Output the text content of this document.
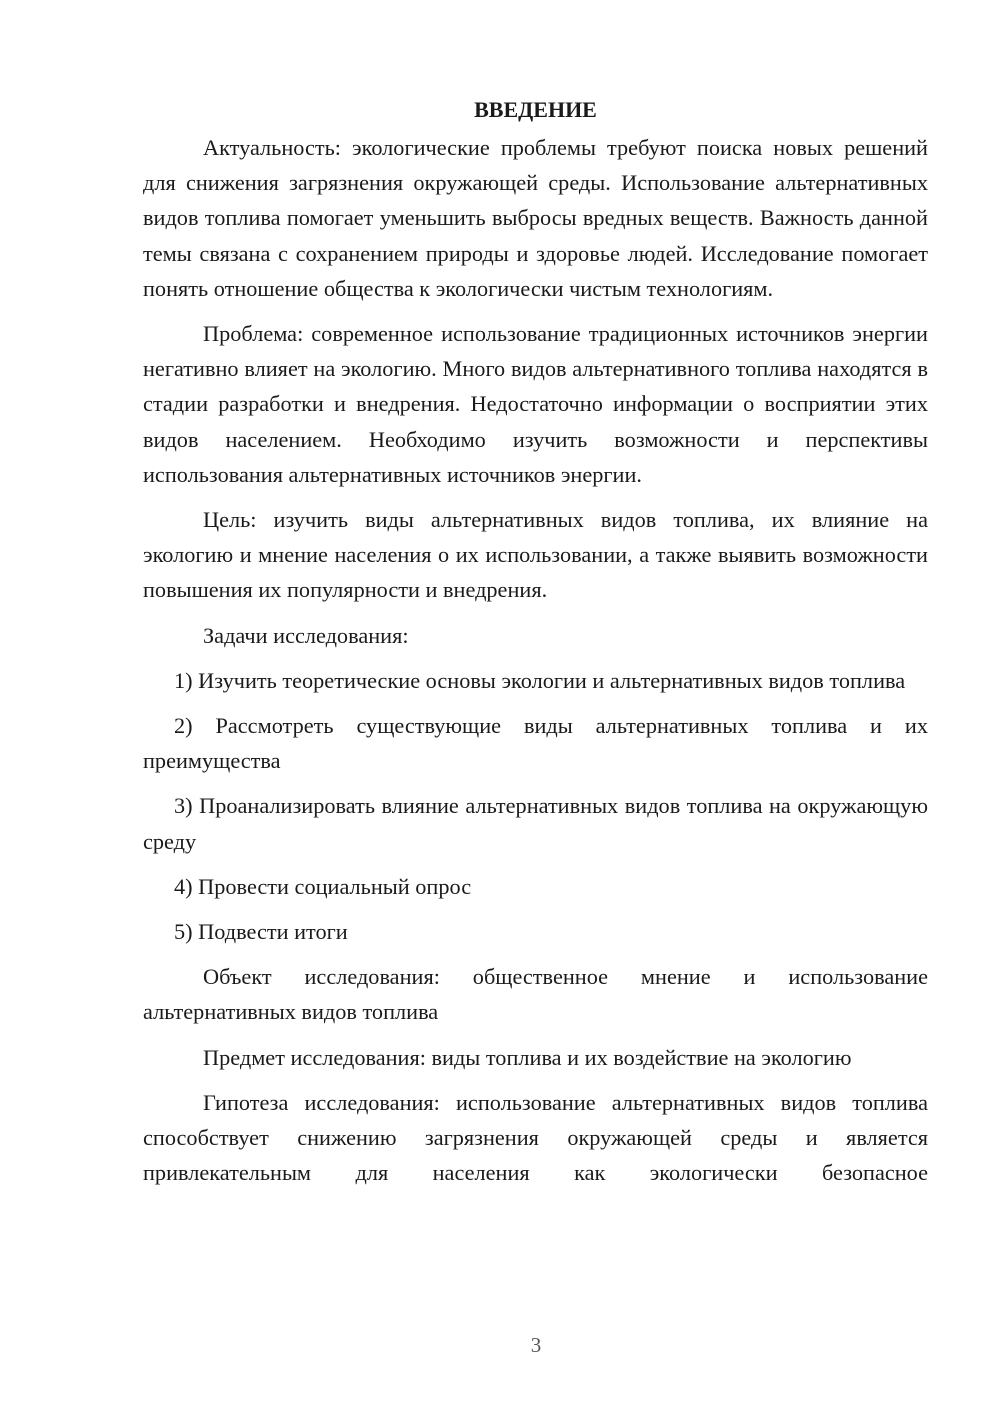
ВВЕДЕНИЕ

Актуальность: экологические проблемы требуют поиска новых решений для снижения загрязнения окружающей среды. Использование альтернативных видов топлива помогает уменьшить выбросы вредных веществ. Важность данной темы связана с сохранением природы и здоровье людей. Исследование помогает понять отношение общества к экологически чистым технологиям.

Проблема: современное использование традиционных источников энергии негативно влияет на экологию. Много видов альтернативного топлива находятся в стадии разработки и внедрения. Недостаточно информации о восприятии этих видов населением. Необходимо изучить возможности и перспективы использования альтернативных источников энергии.

Цель: изучить виды альтернативных видов топлива, их влияние на экологию и мнение населения о их использовании, а также выявить возможности повышения их популярности и внедрения.

Задачи исследования:

1) Изучить теоретические основы экологии и альтернативных видов топлива

2) Рассмотреть существующие виды альтернативных топлива и их преимущества

3) Проанализировать влияние альтернативных видов топлива на окружающую среду

4) Провести социальный опрос

5) Подвести итоги

Объект исследования: общественное мнение и использование альтернативных видов топлива

Предмет исследования: виды топлива и их воздействие на экологию

Гипотеза исследования: использование альтернативных видов топлива способствует снижению загрязнения окружающей среды и является привлекательным для населения как экологически безопасное

3
